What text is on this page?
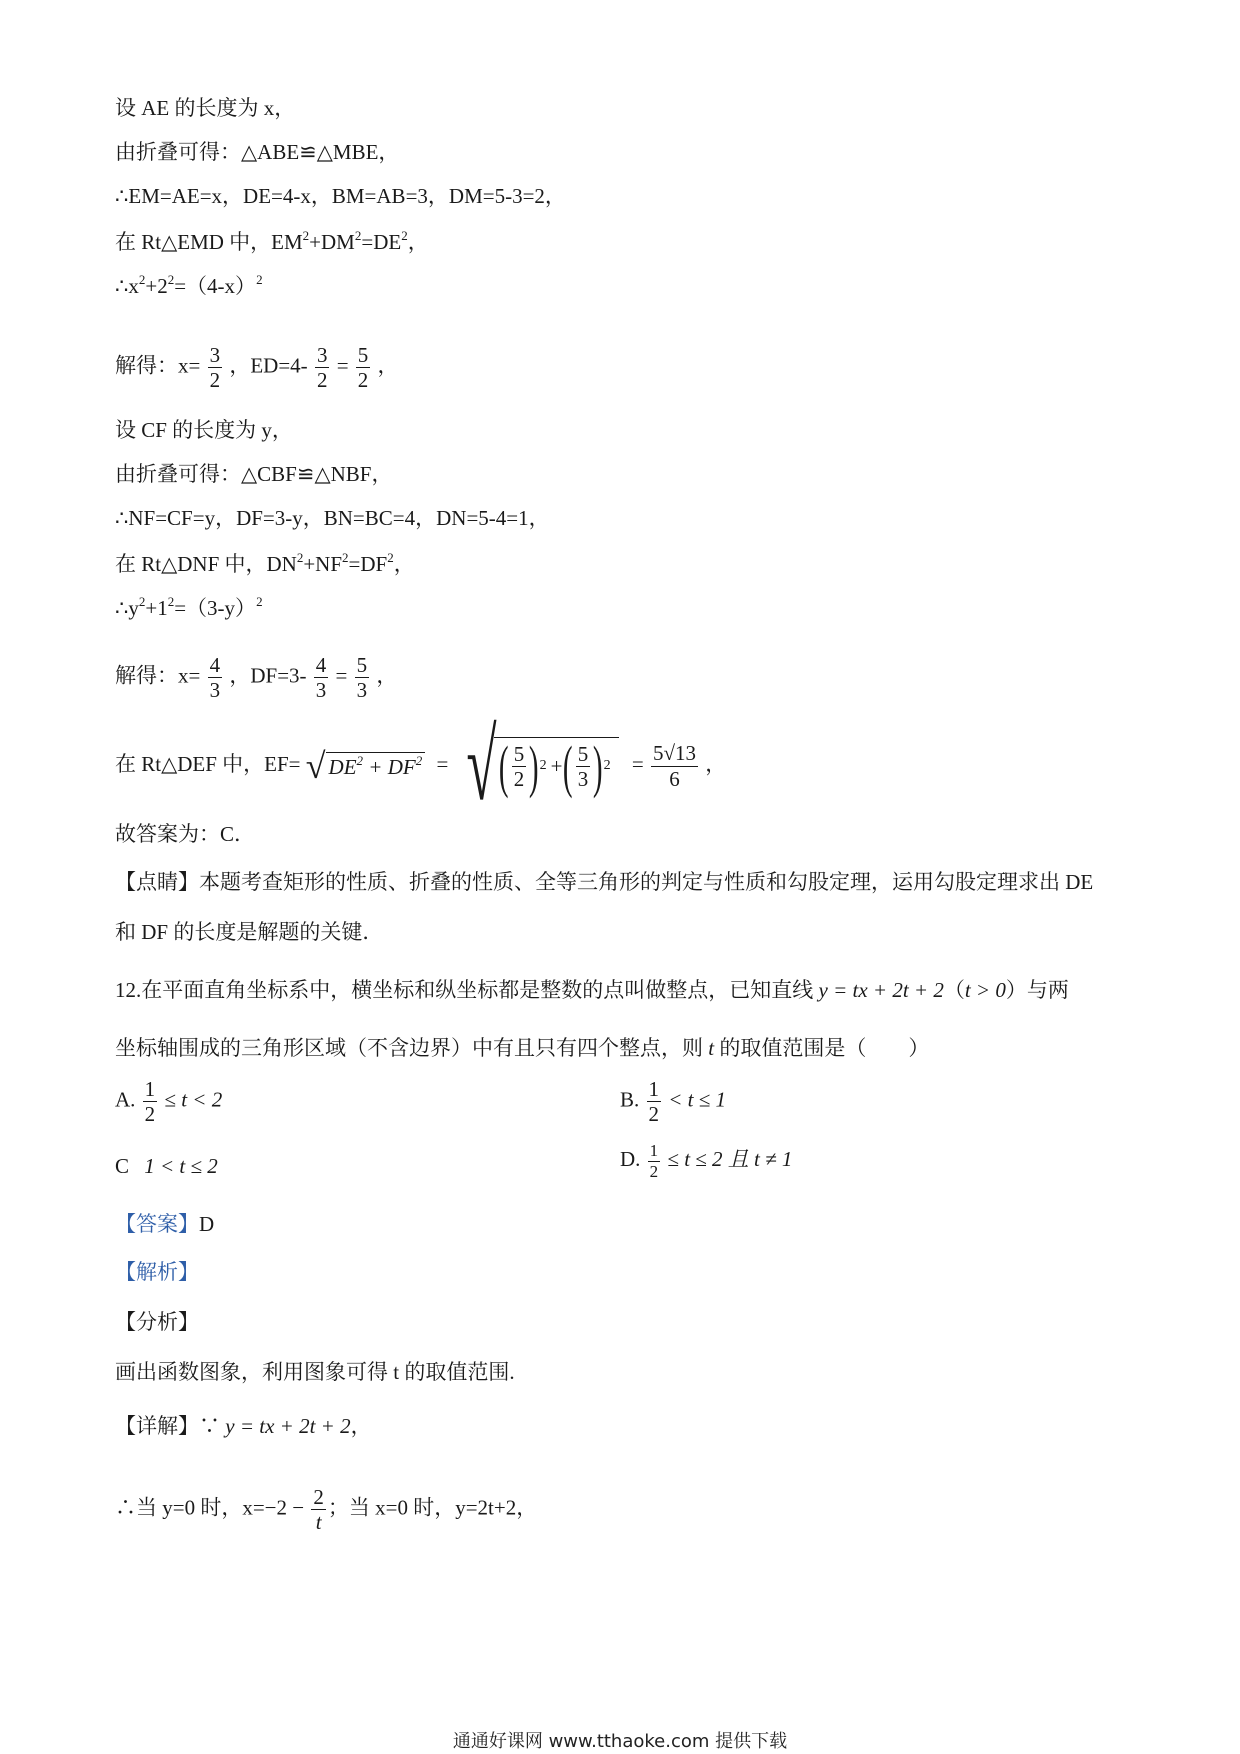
设 AE 的长度为 x，
由折叠可得：△ABE≌△MBE，
∴EM=AE=x，DE=4-x，BM=AB=3，DM=5-3=2，
在 Rt△EMD 中，$EM^2+DM^2=DE^2$，
$\therefore x^2+2^2=(4-x)^2$
解得：$x= \frac{3}{2}$ ，$ED=4- \frac{3}{2} = \frac{5}{2}$ ，
设 CF 的长度为 y，
由折叠可得：△CBF≌△NBF，
∴NF=CF=y，DF=3-y，BN=BC=4，DN=5-4=1，
在 Rt△DNF 中，$DN^2+NF^2=DF^2$，
$\therefore y^2+1^2=(3-y)^2$
解得：$x= \frac{4}{3}$ ，$DF=3- \frac{4}{3} = \frac{5}{3}$ ，
在 Rt△DEF 中，EF= √ $DE^2 + DF^2$ = √ ( $\frac{5}{2}$ ) 2 + ( $\frac{5}{3}$ ) $2 = \frac{5√13}{6}$ ，
故答案为：C．
【点睛】本题考查矩形的性质、折叠的性质、全等三角形的判定与性质和勾股定理，运用勾股定理求出 DE
和 DF 的长度是解题的关键．
12.在平面直角坐标系中，横坐标和纵坐标都是整数的点叫做整点，已知直线 y = tx + 2t + 2（t > 0）与两
坐标轴围成的三角形区域（不含边界）中有且只有四个整点，则 t 的取值范围是（　　）
A. $\frac{1}{2} \le t < 2$	B. $\frac{1}{2} < t \le 1$
C 1 < t ≤ 2	D. $\frac{1}{2} \le t \le 2$ 且 t ≠ 1
【答案】D
【解析】
【分析】
画出函数图象，利用图象可得 t 的取值范围.
【详解】∵ y = tx + 2t + 2，
∴当 y=0 时，$x=-2 - \frac{2}{t}$ ；当 x=0 时，y=2t+2，
通通好课网 www.tthaoke.com 提供下载
